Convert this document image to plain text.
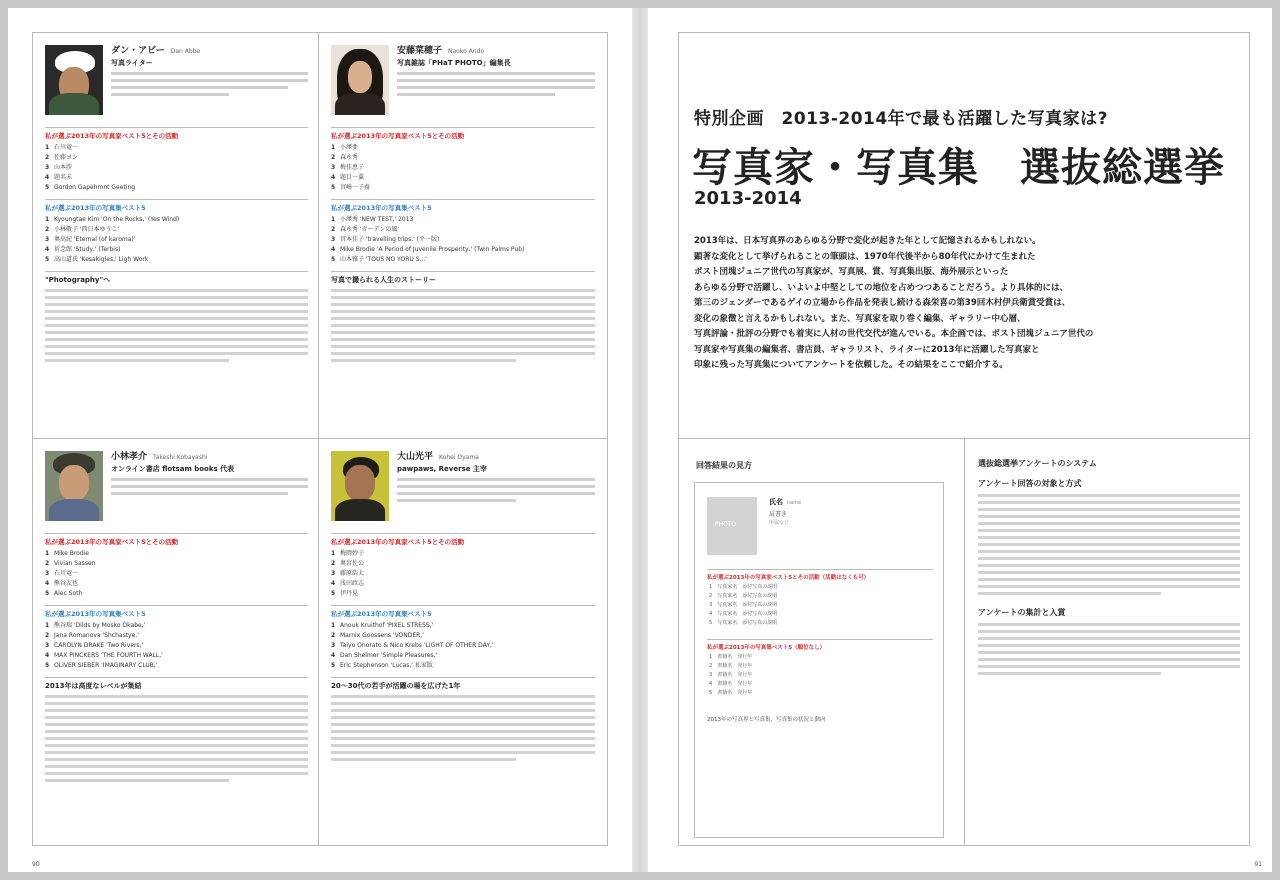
ダン・アビー Dan Abbe
写真ライター
私が選ぶ2013年の写真家ベスト5とその活動
1 石川竜一
2 佐藤ヨシ
3 山本渉
4 題名未
5 Gordon Gapehmnt Geeting
私が選ぶ2013年の写真集ベスト5
1 Kyoungtae Kim 'On the Rocks,' (Yes Wind)
2 小林敬子 '西日本ゆうこ'
3 奥高紀 'Eternal (of karoma)'
4 祈念館 'Study,' (Terbis)
5 高山道氏 'Kesakigles,' Ligh Work
"Photography"へ
安藤菜穂子 Naoko Ando
写真雑誌「PHaT PHOTO」編集長
私が選ぶ2013年の写真家ベスト5とその活動
1 小澤亜
2 森永秀
3 梅佳恵子
4 題目一翼
5 宮崎一子養
私が選ぶ2013年の写真集ベスト5
1 小澤秀 'NEW TEST,' 2013
2 森永秀 'ガーデンの風'
3 宮本佳子 'travelling trips,' (平一版)
4 Mike Brodie 'A Period of Juvenile Prosperity,' (Twin Palms Pub)
5 山本雅子 'TOUS NO YORU S...'
写真で撮られる人生のストーリー
小林孝介 Takeshi Kobayashi
オンライン書店 flotsam books 代表
私が選ぶ2013年の写真家ベスト5とその活動
1 Mike Brodie
2 Vivian Sassen
3 石川竜一
4 熊谷友也
5 Alec Soth
私が選ぶ2013年の写真集ベスト5
1 熊谷瑞 'Dilds by Mosko Okabe,'
2 Jana Romanova 'Shchastye,'
3 CAROLYN DRAKE 'Two Rivers,'
4 MAX PINCKERS 'THE FOURTH WALL,'
5 OLIVER SIEBER 'IMAGINARY CLUB,'
2013年は高度なレベルが集結
大山光平 Kohei Oyama
pawpaws, Reverse 主宰
私が選ぶ2013年の写真家ベスト5とその活動
1 梅岡妙子
2 奥宮佐公
3 藤原浩太
4 浅田政志
5 伊丹晃
私が選ぶ2013年の写真集ベスト5
1 Anouk Kruithof 'PIXEL STRESS,'
2 Marnix Goossens 'VONDER,'
3 Taiyo Onorato & Nico Krebs 'LIGHT OF OTHER DAY,'
4 Dan Shelmer 'Simple Pleasures,'
5 Eric Stephenson 'Lucas,' 私家版
20〜30代の若手が活躍の場を広げた1年
90
特別企画　2013-2014年で最も活躍した写真家は?
写真家・写真集　選抜総選挙
2013-2014
2013年は、日本写真界のあらゆる分野で変化が起きた年として記憶されるかもしれない。
顕著な変化として挙げられることの筆頭は、1970年代後半から80年代にかけて生まれた
ポスト団塊ジュニア世代の写真家が、写真展、賞、写真集出版、海外展示といった
あらゆる分野で活躍し、いよいよ中堅としての地位を占めつつあることだろう。より具体的には、
第三のジェンダーであるゲイの立場から作品を発表し続ける森栄喜の第39回木村伊兵衛賞受賞は、
変化の象徴と言えるかもしれない。また、写真家を取り巻く編集、ギャラリー中心層、
写真評論・批評の分野でも着実に人材の世代交代が進んでいる。本企画では、ポスト団塊ジュニア世代の
写真家や写真集の編集者、書店員、ギャラリスト、ライターに2013年に活躍した写真家と
印象に残った写真集についてアンケートを依頼した。その結果をここで紹介する。
回答結果の見方
PHOTO
氏名 name
肩書き
所属など
私が選ぶ2013年の写真家ベスト5とその活動（活動はなくも可）
1　写真家名　添付写真の説明
2　写真家名　添付写真の説明
3　写真家名　添付写真の説明
4　写真家名　添付写真の説明
5　写真家名　添付写真の説明
私が選ぶ2013年の写真集ベスト5（順位なし）
1　書籍名　発行年
2　書籍名　発行年
3　書籍名　発行年
4　書籍名　発行年
5　書籍名　発行年
2013年の写真界と写真集、写真集の状況と動向
選抜総選挙アンケートのシステム
アンケート回答の対象と方式
アンケートの集計と入賞
91
